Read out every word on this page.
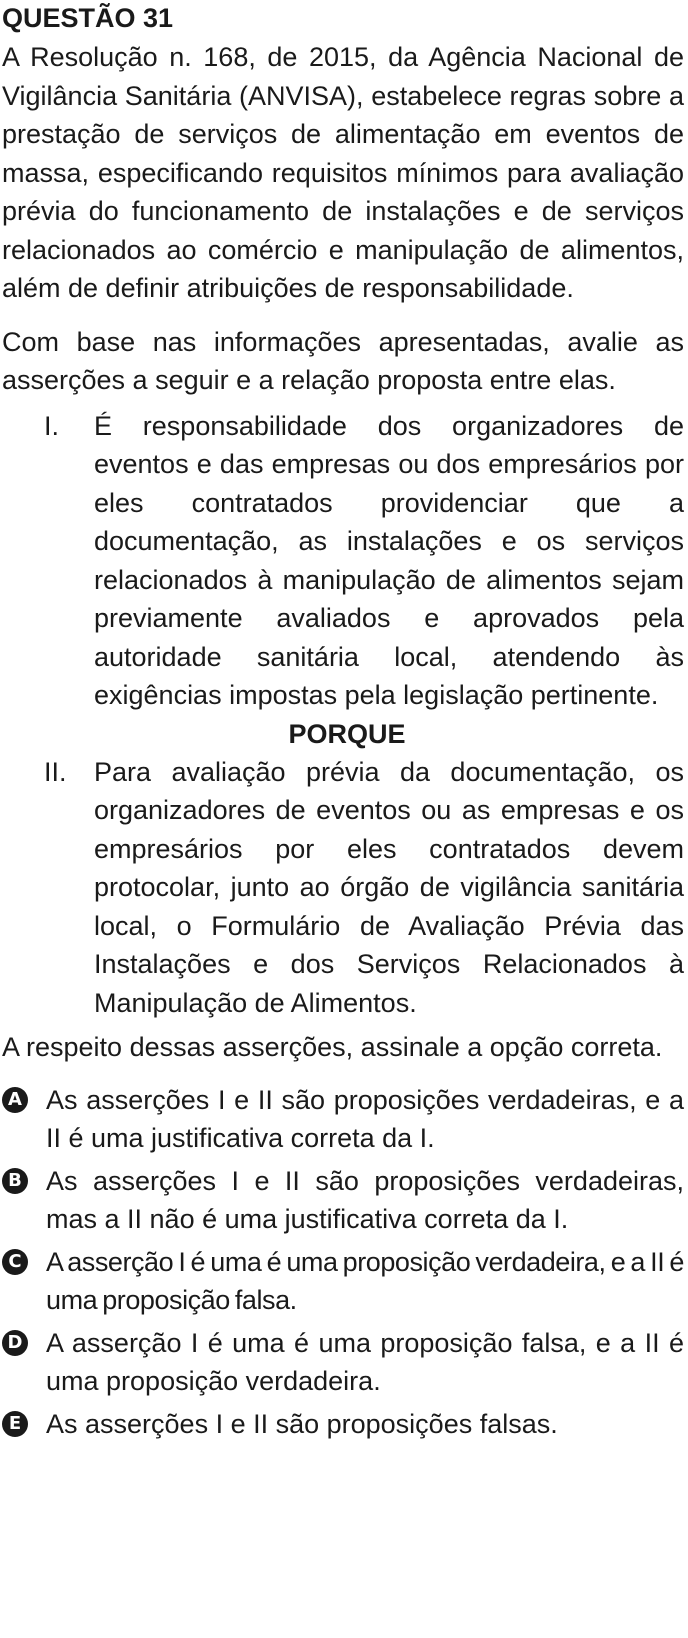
QUESTÃO 31

A Resolução n. 168, de 2015, da Agência Nacional de Vigilância Sanitária (ANVISA), estabelece regras sobre a prestação de serviços de alimentação em eventos de massa, especificando requisitos mínimos para avaliação prévia do funcionamento de instalações e de serviços relacionados ao comércio e manipulação de alimentos, além de definir atribuições de responsabilidade.

Com base nas informações apresentadas, avalie as asserções a seguir e a relação proposta entre elas.

I.	É responsabilidade dos organizadores de eventos e das empresas ou dos empresários por eles contratados providenciar que a documentação, as instalações e os serviços relacionados à manipulação de alimentos sejam previamente avaliados e aprovados pela autoridade sanitária local, atendendo às exigências impostas pela legislação pertinente.

PORQUE

II.	Para avaliação prévia da documentação, os organizadores de eventos ou as empresas e os empresários por eles contratados devem protocolar, junto ao órgão de vigilância sanitária local, o Formulário de Avaliação Prévia das Instalações e dos Serviços Relacionados à Manipulação de Alimentos.

A respeito dessas asserções, assinale a opção correta.

A As asserções I e II são proposições verdadeiras, e a II é uma justificativa correta da I.
B As asserções I e II são proposições verdadeiras, mas a II não é uma justificativa correta da I.
C A asserção I é uma é uma proposição verdadeira, e a II é uma proposição falsa.
D A asserção I é uma é uma proposição falsa, e a II é uma proposição verdadeira.
E As asserções I e II são proposições falsas.
